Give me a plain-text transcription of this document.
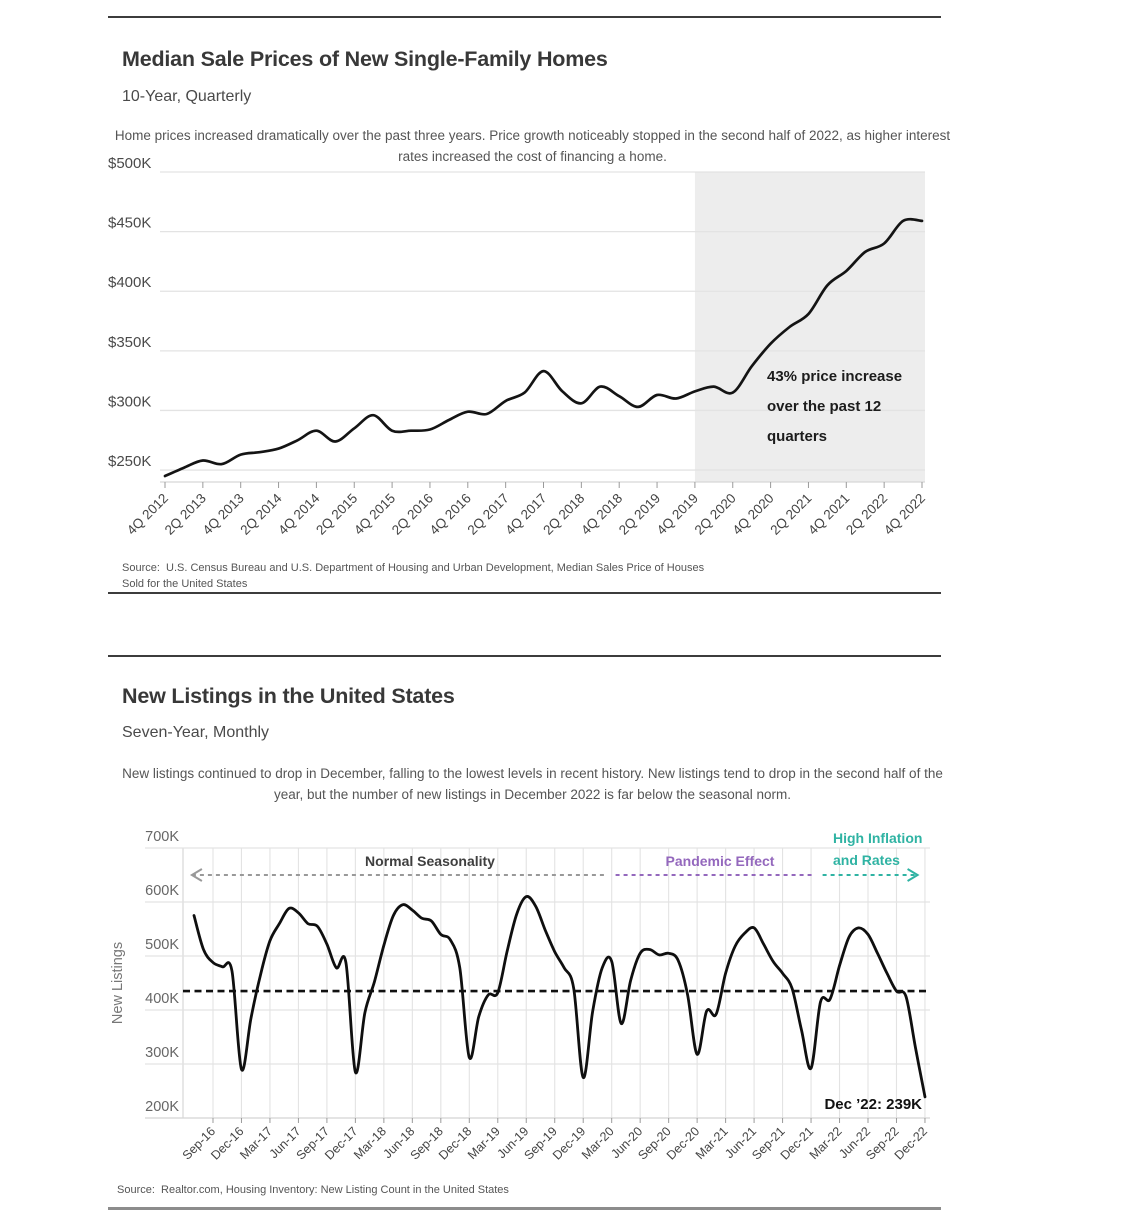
Median Sale Prices of New Single-Family Homes
10-Year, Quarterly
Home prices increased dramatically over the past three years. Price growth noticeably stopped in the second half of 2022, as higher interest rates increased the cost of financing a home.
$250K
$300K
$350K
$400K
$450K
$500K
4Q 2012
2Q 2013
4Q 2013
2Q 2014
4Q 2014
2Q 2015
4Q 2015
2Q 2016
4Q 2016
2Q 2017
4Q 2017
2Q 2018
4Q 2018
2Q 2019
4Q 2019
2Q 2020
4Q 2020
2Q 2021
4Q 2021
2Q 2022
4Q 2022
43% price increase over the past 12 quarters
Source:  U.S. Census Bureau and U.S. Department of Housing and Urban Development, Median Sales Price of Houses
Sold for the United States
New Listings in the United States
Seven-Year, Monthly
New listings continued to drop in December, falling to the lowest levels in recent history. New listings tend to drop in the second half of the year, but the number of new listings in December 2022 is far below the seasonal norm.
200K
300K
400K
500K
600K
700K
New Listings
Sep-16
Dec-16
Mar-17
Jun-17
Sep-17
Dec-17
Mar-18
Jun-18
Sep-18
Dec-18
Mar-19
Jun-19
Sep-19
Dec-19
Mar-20
Jun-20
Sep-20
Dec-20
Mar-21
Jun-21
Sep-21
Dec-21
Mar-22
Jun-22
Sep-22
Dec-22
Normal Seasonality	Pandemic Effect
High Inflation
and Rates
Dec ’22: 239K
Source:  Realtor.com, Housing Inventory: New Listing Count in the United States
